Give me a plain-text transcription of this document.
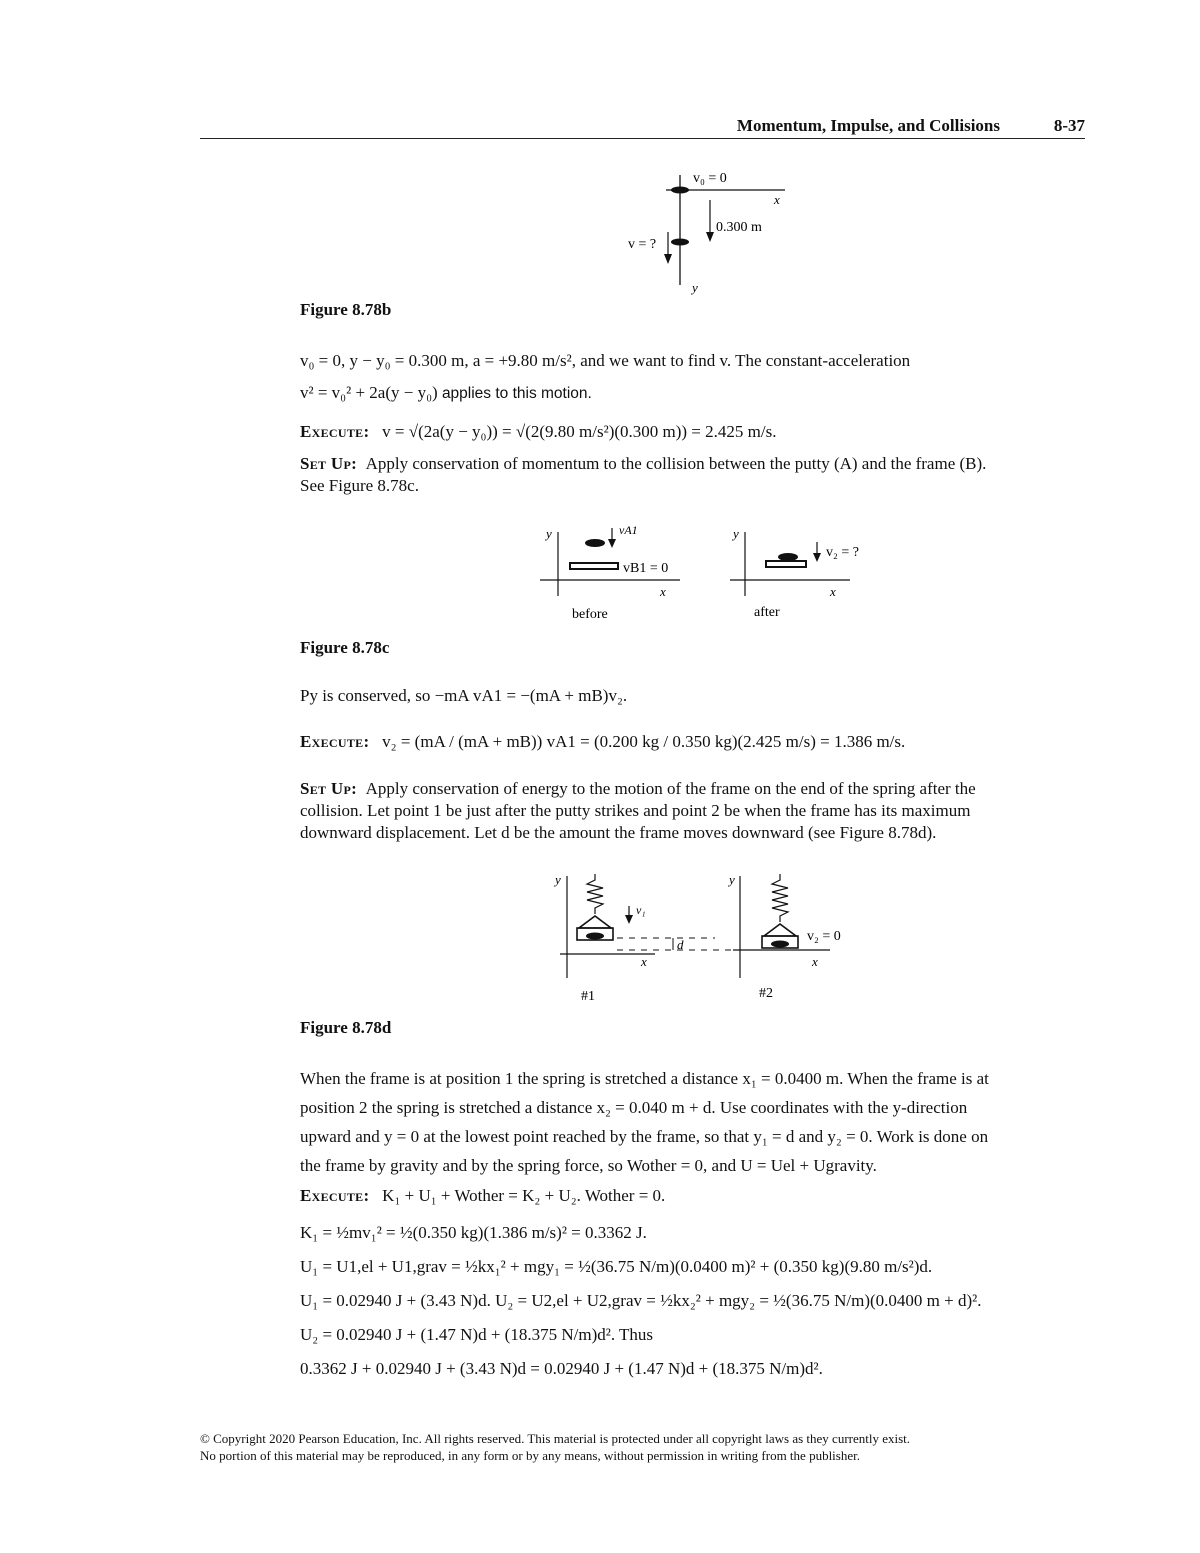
Momentum, Impulse, and Collisions	8-37
v₀ = 0
x
y
0.300 m
v = ?
Figure 8.78b
v₀ = 0, y − y₀ = 0.300 m, a = +9.80 m/s², and we want to find v. The constant-acceleration
v² = v₀² + 2a(y − y₀) applies to this motion.
Execute: v = √(2a(y − y₀)) = √(2(9.80 m/s²)(0.300 m)) = 2.425 m/s.
Set Up: Apply conservation of momentum to the collision between the putty (A) and the frame (B).
See Figure 8.78c.
y	vA1
vB1 = 0
x
before
y
v₂ = ?
x
after
Figure 8.78c
Py is conserved, so −mA vA1 = −(mA + mB)v₂.
Execute: v₂ = (mA / (mA + mB)) vA1 = (0.200 kg / 0.350 kg)(2.425 m/s) = 1.386 m/s.
Set Up: Apply conservation of energy to the motion of the frame on the end of the spring after the
collision. Let point 1 be just after the putty strikes and point 2 be when the frame has its maximum
downward displacement. Let d be the amount the frame moves downward (see Figure 8.78d).
y
v₁
x
#1
d
y
v₂ = 0
x
#2
Figure 8.78d
When the frame is at position 1 the spring is stretched a distance x₁ = 0.0400 m. When the frame is at
position 2 the spring is stretched a distance x₂ = 0.040 m + d. Use coordinates with the y-direction
upward and y = 0 at the lowest point reached by the frame, so that y₁ = d and y₂ = 0. Work is done on
the frame by gravity and by the spring force, so Wother = 0, and U = Uel + Ugravity.
Execute: K₁ + U₁ + Wother = K₂ + U₂. Wother = 0.
K₁ = ½mv₁² = ½(0.350 kg)(1.386 m/s)² = 0.3362 J.
U₁ = U1,el + U1,grav = ½kx₁² + mgy₁ = ½(36.75 N/m)(0.0400 m)² + (0.350 kg)(9.80 m/s²)d.
U₁ = 0.02940 J + (3.43 N)d. U₂ = U2,el + U2,grav = ½kx₂² + mgy₂ = ½(36.75 N/m)(0.0400 m + d)².
U₂ = 0.02940 J + (1.47 N)d + (18.375 N/m)d². Thus
0.3362 J + 0.02940 J + (3.43 N)d = 0.02940 J + (1.47 N)d + (18.375 N/m)d².
© Copyright 2020 Pearson Education, Inc. All rights reserved. This material is protected under all copyright laws as they currently exist.
No portion of this material may be reproduced, in any form or by any means, without permission in writing from the publisher.
